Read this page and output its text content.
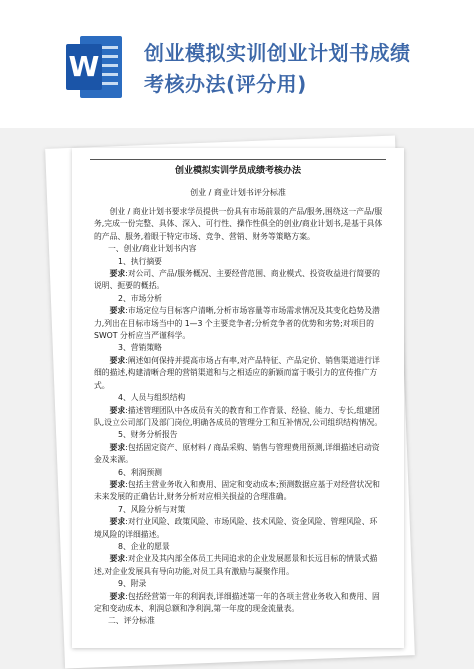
W 创业模拟实训创业计划书成绩
考核办法(评分用)
创业模拟实训学员成绩考核办法
创业 / 商业计划书评分标准

创业 / 商业计划书要求学员提供一份具有市场前景的产品/服务,围绕这一产品/服务,完成一份完整、具体、深入、可行性、操作性俱全的创业/商业计划书,是基于具体的产品、服务,着眼于特定市场、竞争、营销、财务等策略方案。

一、创业/商业计划书内容

1、执行摘要

要求:对公司、产品/服务概况、主要经营范围、商业模式、投资收益进行简要的说明、扼要的概括。

2、市场分析

要求:市场定位与目标客户清晰,分析市场容量等市场需求情况及其变化趋势及潜力,列出在目标市场当中的 1—3 个主要竞争者;分析竞争者的优势和劣势;对项目的 SWOT 分析应当严谨科学。

3、营销策略

要求:阐述如何保持并提高市场占有率,对产品特征、产品定价、销售渠道进行详细的描述,构建清晰合理的营销渠道和与之相适应的新颖而富于吸引力的宣传推广方式。

4、人员与组织结构

要求:描述管理团队中各成员有关的教育和工作背景、经验、能力、专长,组建团队,设立公司部门及部门岗位,明确各成员的管理分工和互补情况,公司组织结构情况。

5、财务分析报告

要求:包括固定资产、原材料 / 商品采购、销售与管理费用预测,详细描述启动资金及来源。

6、利润预测

要求:包括主营业务收入和费用、固定和变动成本;预测数据应基于对经营状况和未来发展的正确估计,财务分析对应相关损益的合理准确。

7、风险分析与对策

要求:对行业风险、政策风险、市场风险、技术风险、资金风险、管理风险、环境风险的详细描述。

8、企业的愿景

要求:对企业及其内部全体员工共同追求的企业发展愿景和长远目标的情景式描述,对企业发展具有导向功能,对员工具有激励与凝聚作用。

9、附录

要求:包括经营第一年的利润表,详细描述第一年的各项主营业务收入和费用、固定和变动成本、利润总额和净利润,第一年度的现金流量表。

二、评分标准
